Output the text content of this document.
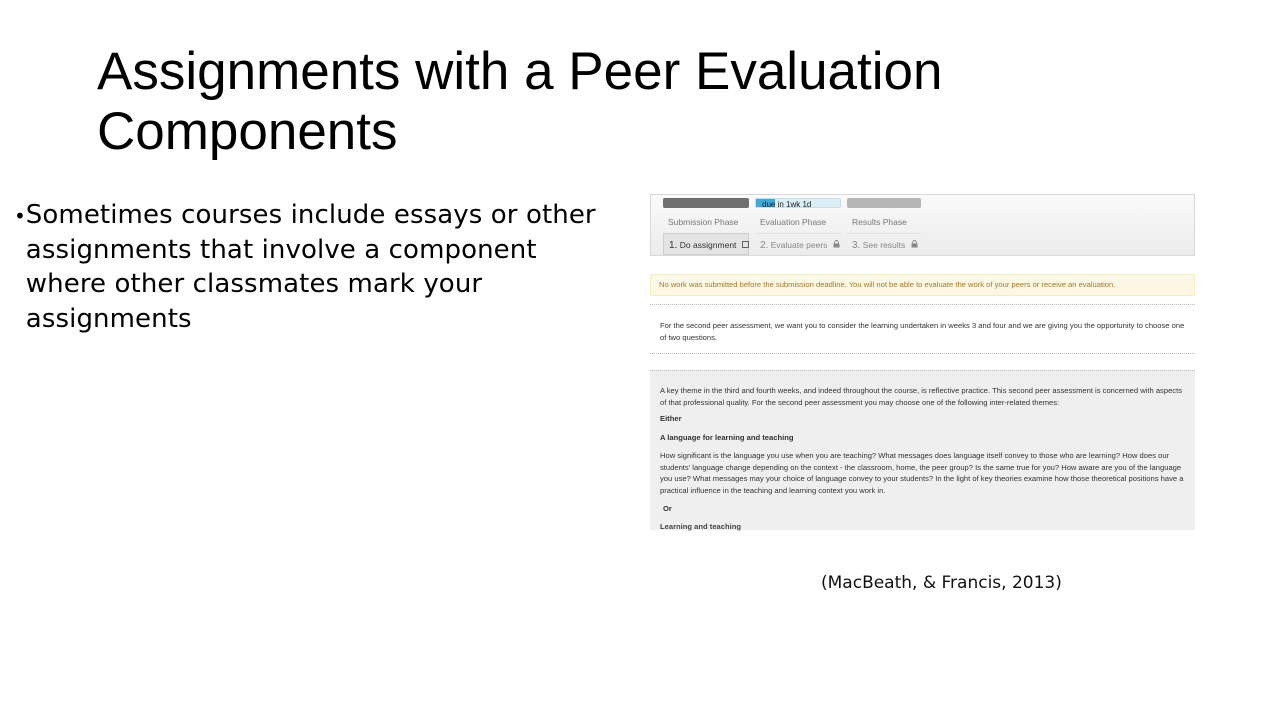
Assignments with a Peer Evaluation Components
• Sometimes courses include essays or other assignments that involve a component where other classmates mark your assignments

Submission Phase
1. Do assignment
due in 1wk 1d
Evaluation Phase
2. Evaluate peers
Results Phase
3. See results
No work was submitted before the submission deadline. You will not be able to evaluate the work of your peers or receive an evaluation.
For the second peer assessment, we want you to consider the learning undertaken in weeks 3 and four and we are giving you the opportunity to choose one of two questions.

A key theme in the third and fourth weeks, and indeed throughout the course, is reflective practice. This second peer assessment is concerned with aspects of that professional quality. For the second peer assessment you may choose one of the following inter-related themes:

Either

A language for learning and teaching

How significant is the language you use when you are teaching? What messages does language itself convey to those who are learning? How does our students' language change depending on the context - the classroom, home, the peer group? Is the same true for you? How aware are you of the language you use? What messages may your choice of language convey to your students? In the light of key theories examine how those theoretical positions have a practical influence in the teaching and learning context you work in.

Or

Learning and teaching

(MacBeath, & Francis, 2013)
